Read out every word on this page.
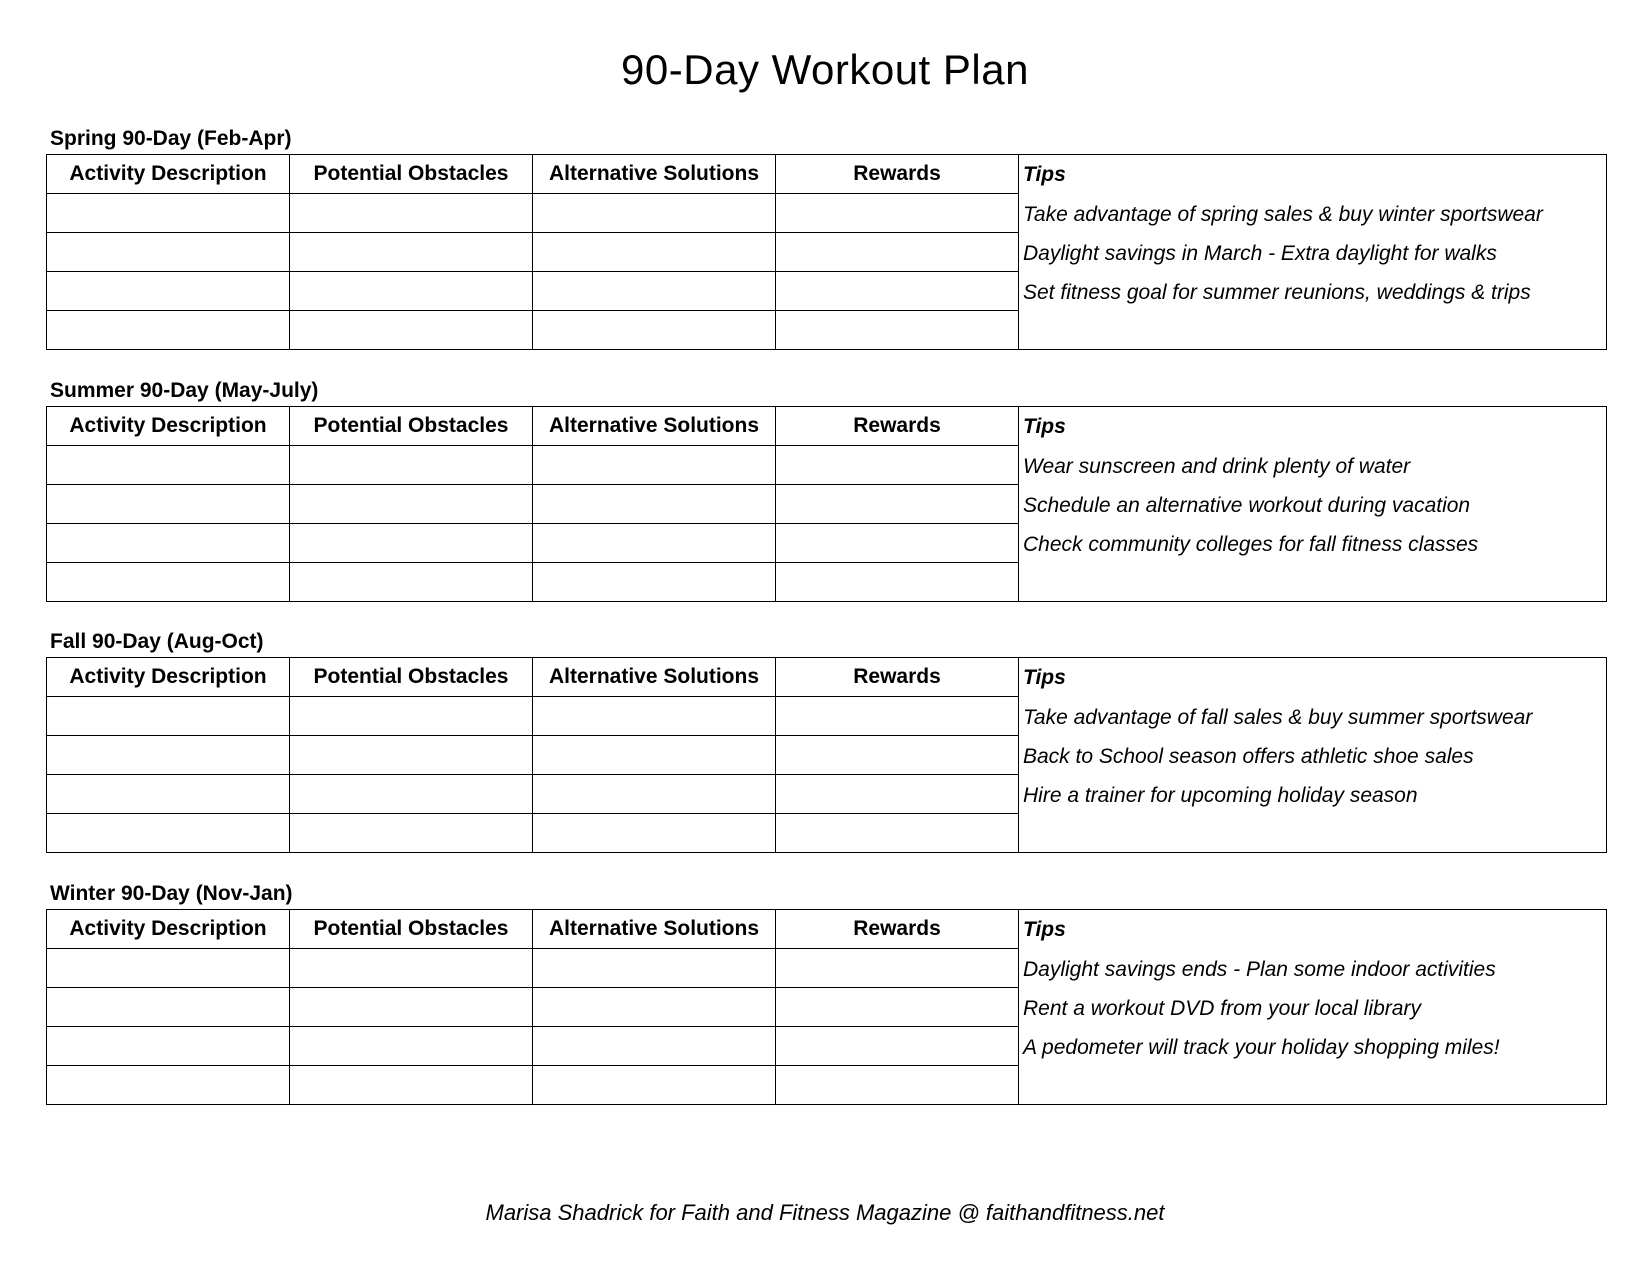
90-Day Workout Plan
Spring 90-Day (Feb-Apr)
Activity Description	Potential Obstacles	Alternative Solutions	Rewards	Tips
Take advantage of spring sales & buy winter sportswear
Daylight savings in March - Extra daylight for walks
Set fitness goal for summer reunions, weddings & trips

Summer 90-Day (May-July)
Activity Description	Potential Obstacles	Alternative Solutions	Rewards	Tips
Wear sunscreen and drink plenty of water
Schedule an alternative workout during vacation
Check community colleges for fall fitness classes

Fall 90-Day (Aug-Oct)
Activity Description	Potential Obstacles	Alternative Solutions	Rewards	Tips
Take advantage of fall sales & buy summer sportswear
Back to School season offers athletic shoe sales
Hire a trainer for upcoming holiday season

Winter 90-Day (Nov-Jan)
Activity Description	Potential Obstacles	Alternative Solutions	Rewards	Tips
Daylight savings ends - Plan some indoor activities
Rent a workout DVD from your local library
A pedometer will track your holiday shopping miles!

Marisa Shadrick for Faith and Fitness Magazine @ faithandfitness.net
